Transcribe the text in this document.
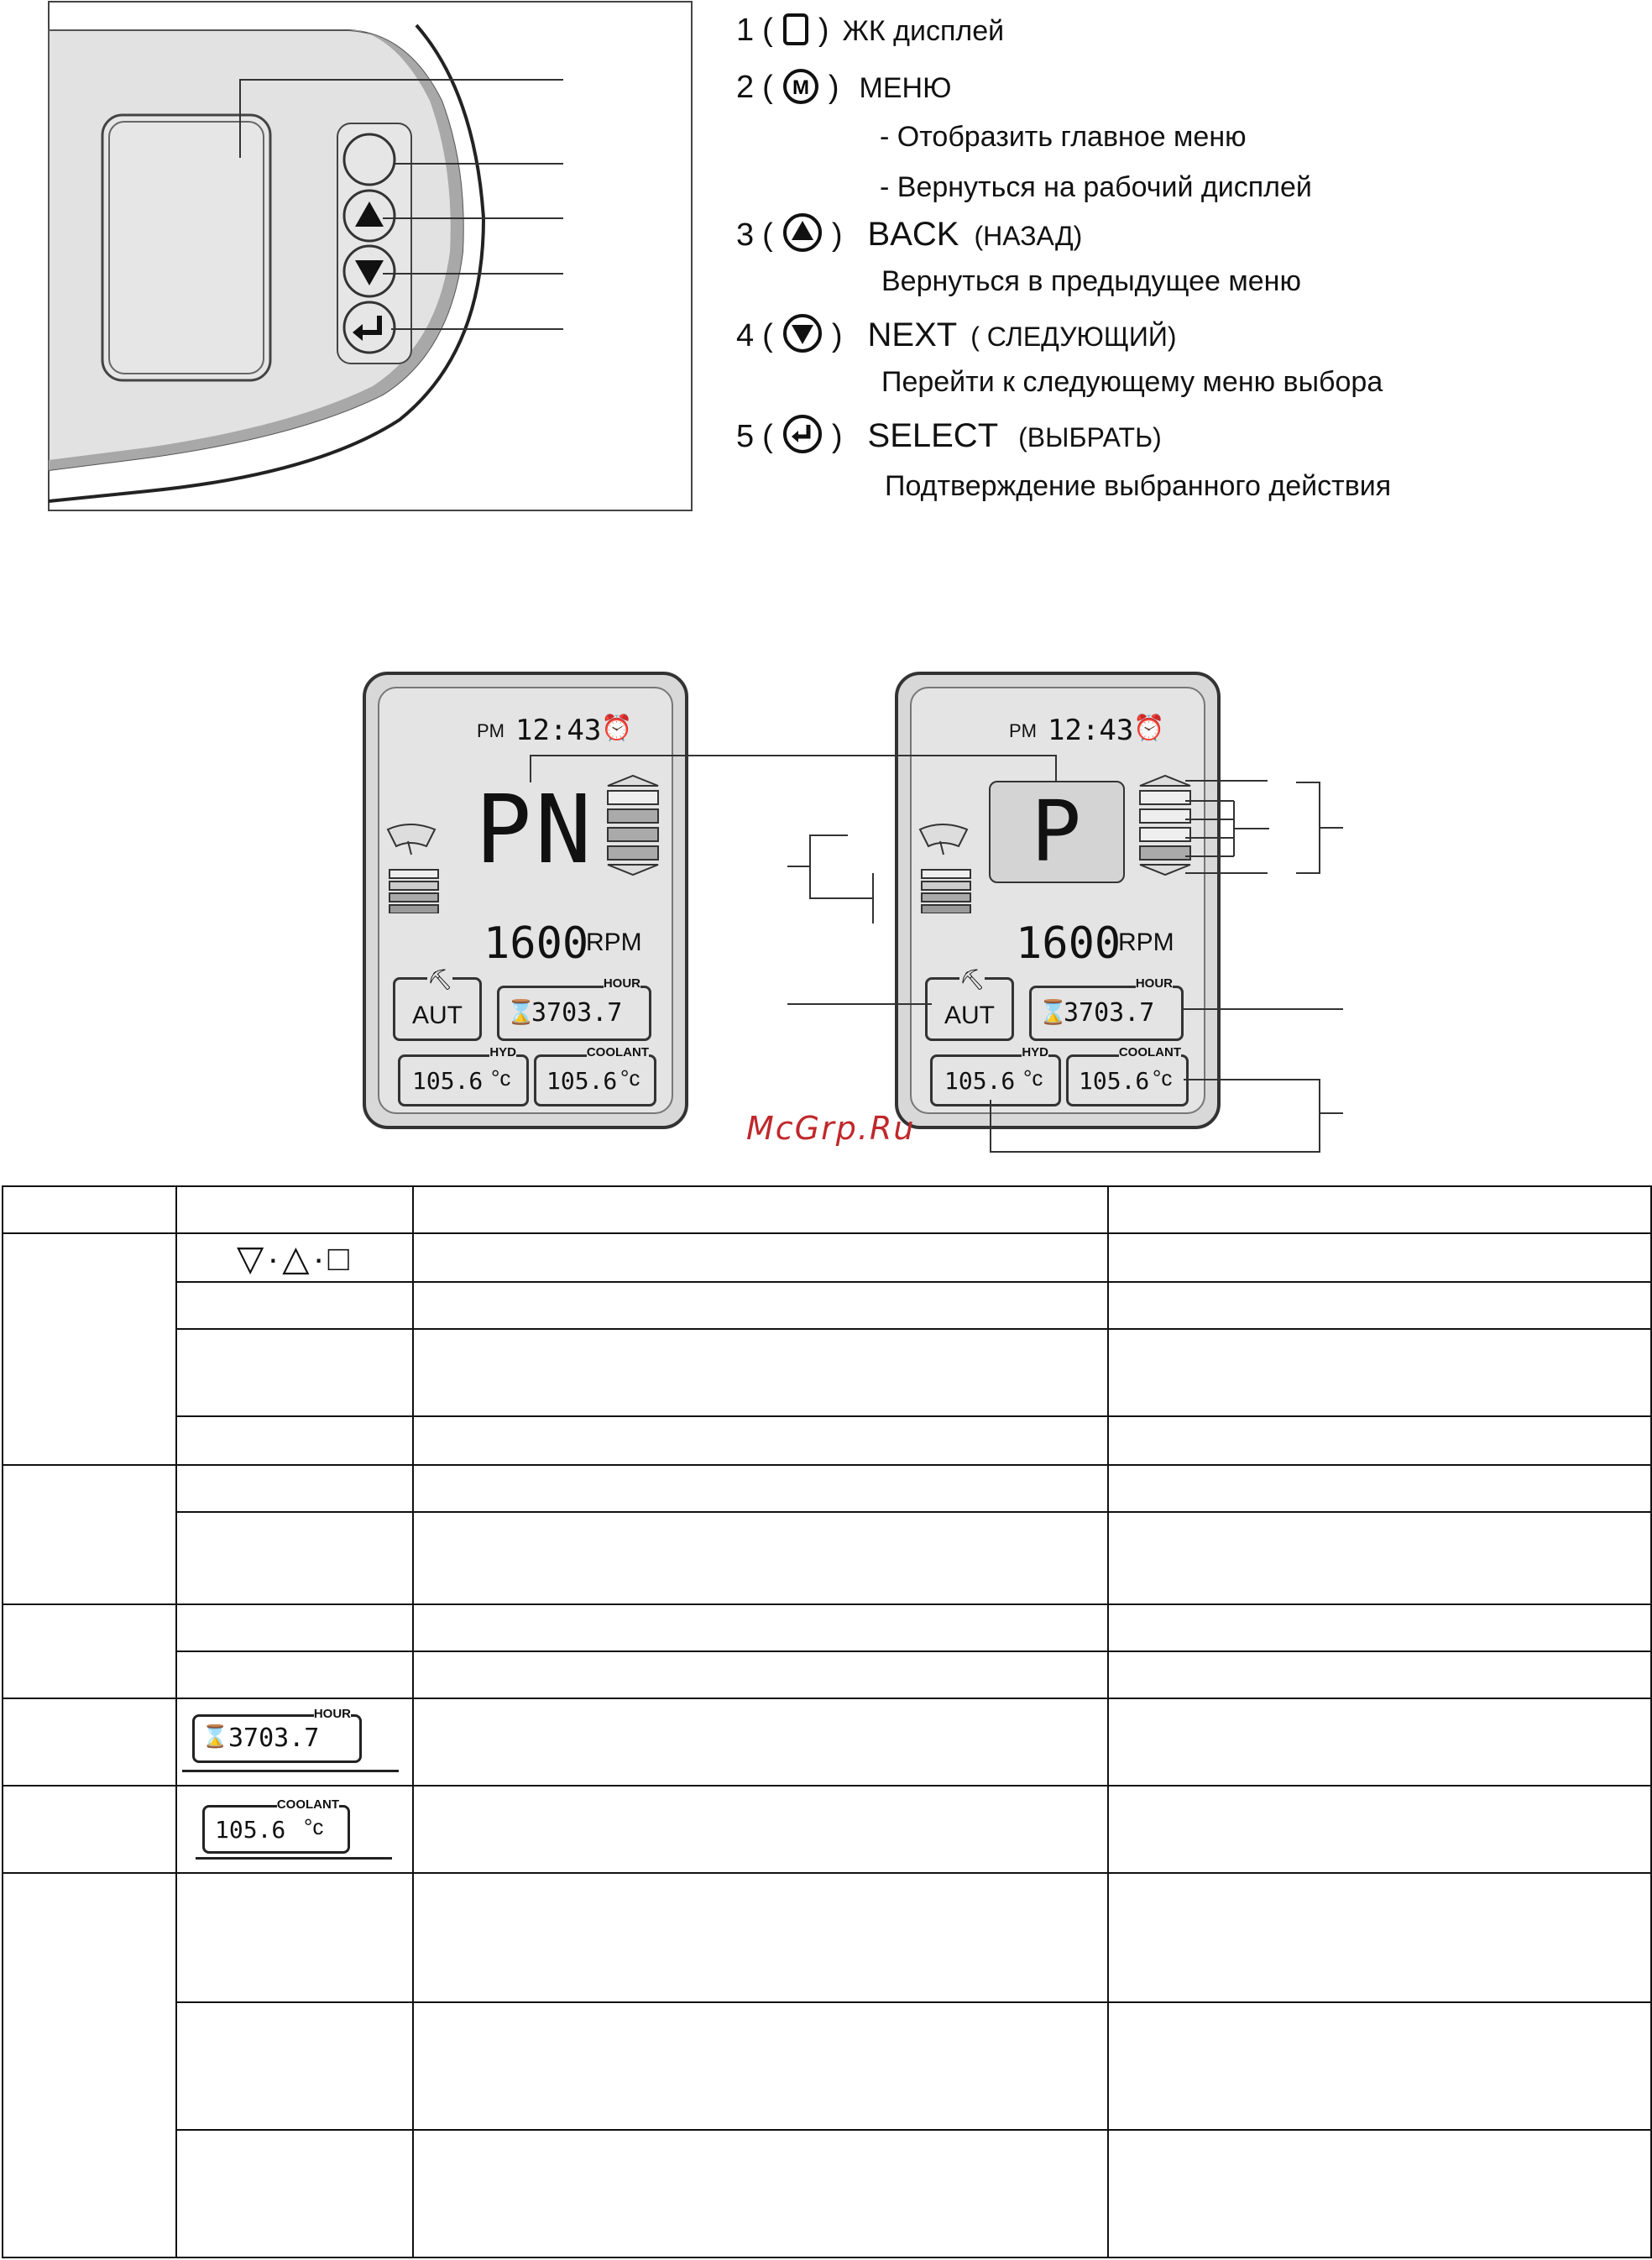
1 ( ) ЖК дисплей
2 ( M ) МЕНЮ
- Отобразить главное меню
- Вернуться на рабочий дисплей
3 ( ) BACK (НАЗАД)
Вернуться в предыдущее меню
4 ( ) NEXT ( СЛЕДУЮЩИЙ)
Перейти к следующему меню выбора
5 ( ) SELECT (ВЫБРАТЬ)
Подтверждение выбранного действия
PM 12:43 ⏰
PN
1600
RPM
⛏
AUT
HOUR
⌛
3703.7
HYD
105.6 °c
COOLANT
105.6 °c
PM 12:43 ⏰
P
1600
RPM
⛏
AUT
HOUR
⌛
3703.7
HYD
105.6 °c
COOLANT
105.6 °c
McGrp.Ru

	▽·△·□		

	HOUR
⌛ 3703.7		

	COOLANT
105.6 °c		
